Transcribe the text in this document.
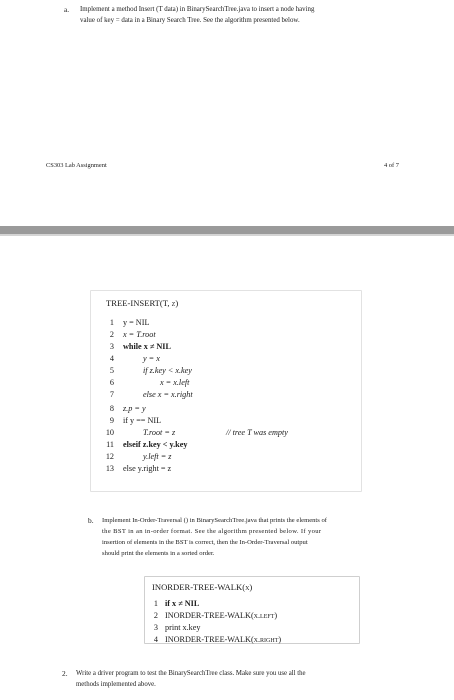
a. Implement a method Insert (T data) in BinarySearchTree.java to insert a node having
value of key = data in a Binary Search Tree. See the algorithm presented below.
CS303 Lab Assignment	4 of 7
TREE-INSERT(T, z)
1 y = NIL
2 x = T.root
3 while x ≠ NIL
4	y = x
5	if z.key < x.key
6	x = x.left
7	else x = x.right
8 z.p = y
9 if y == NIL
10	T.root = z	// tree T was empty
11 elseif z.key < y.key
12	y.left = z
13 else y.right = z
b. Implement In-Order-Traversal () in BinarySearchTree.java that prints the elements of
the BST in an in-order format. See the algorithm presented below. If your
insertion of elements in the BST is correct, then the In-Order-Traversal output
should print the elements in a sorted order.
INORDER-TREE-WALK(x)
1 if x ≠ NIL
2 INORDER-TREE-WALK(x.left)
3 print x.key
4 INORDER-TREE-WALK(x.right)
2. Write a driver program to test the BinarySearchTree class. Make sure you use all the
methods implemented above.
